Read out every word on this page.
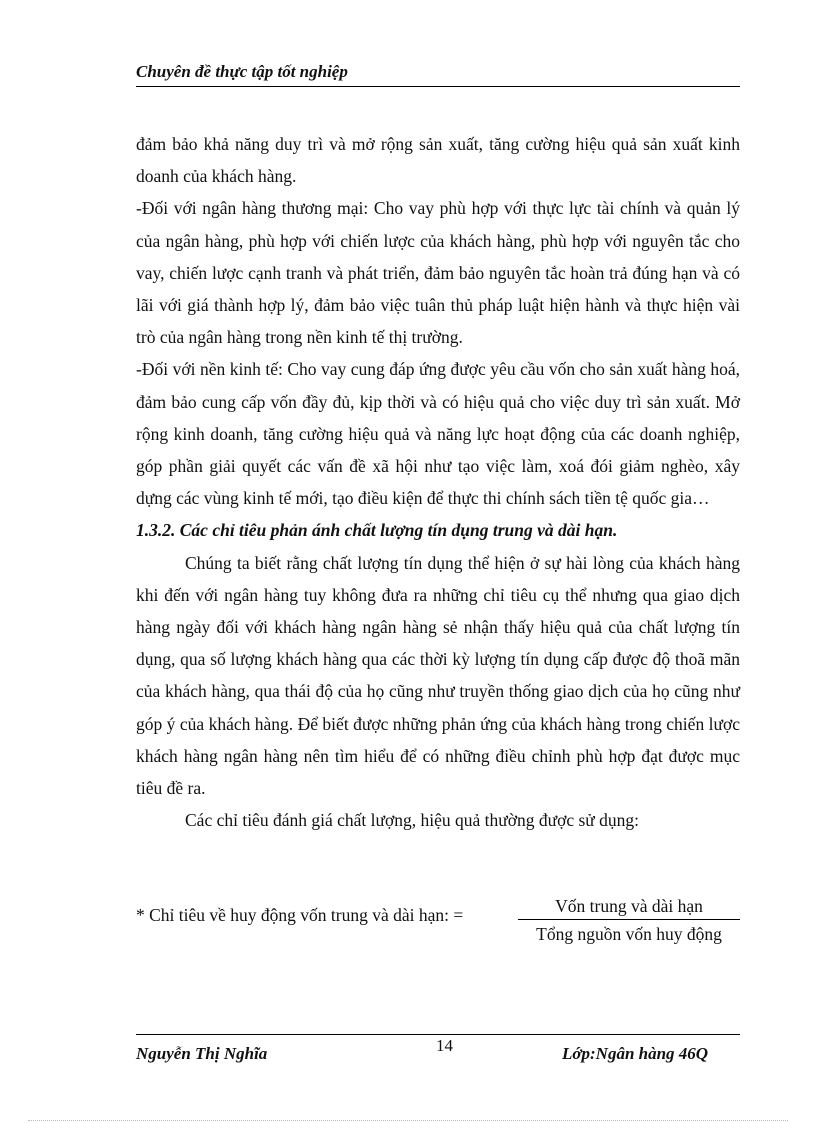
Chuyên đề thực tập tốt nghiệp

đảm bảo khả năng duy trì và mở rộng sản xuất, tăng cường hiệu quả sản xuất kinh doanh của khách hàng.

-Đối với ngân hàng thương mại: Cho vay phù hợp với thực lực tài chính và quản lý của ngân hàng, phù hợp với chiến lược của khách hàng, phù hợp với nguyên tắc cho vay, chiến lược cạnh tranh và phát triển, đảm bảo nguyên tắc hoàn trả đúng hạn và có lãi với giá thành hợp lý, đảm bảo việc tuân thủ pháp luật hiện hành và thực hiện vài trò của ngân hàng trong nền kinh tế thị trường.

-Đối với nền kinh tế: Cho vay cung đáp ứng được yêu cầu vốn cho sản xuất hàng hoá, đảm bảo cung cấp vốn đầy đủ, kịp thời và có hiệu quả cho việc duy trì sản xuất. Mở rộng kinh doanh, tăng cường hiệu quả và năng lực hoạt động của các doanh nghiệp, góp phần giải quyết các vấn đề xã hội như tạo việc làm, xoá đói giảm nghèo, xây dựng các vùng kinh tế mới, tạo điều kiện để thực thi chính sách tiền tệ quốc gia…

1.3.2. Các chỉ tiêu phản ánh chất lượng tín dụng trung và dài hạn.

Chúng ta biết rằng chất lượng tín dụng thể hiện ở sự hài lòng của khách hàng khi đến với ngân hàng tuy không đưa ra những chỉ tiêu cụ thể nhưng qua giao dịch hàng ngày đối với khách hàng ngân hàng sẻ nhận thấy hiệu quả của chất lượng tín dụng, qua số lượng khách hàng qua các thời kỳ lượng tín dụng cấp được độ thoã mãn của khách hàng, qua thái độ của họ cũng như truyền thống giao dịch của họ cũng như góp ý của khách hàng. Để biết được những phản ứng của khách hàng trong chiến lược khách hàng ngân hàng nên tìm hiểu để có những điều chỉnh phù hợp đạt được mục tiêu đề ra.

Các chỉ tiêu đánh giá chất lượng, hiệu quả thường được sử dụng:

* Chỉ tiêu về huy động vốn trung và dài hạn: =	Vốn trung và dài hạn
Tổng nguồn vốn huy động
Nguyễn Thị Nghĩa	14	Lớp:Ngân hàng 46Q
